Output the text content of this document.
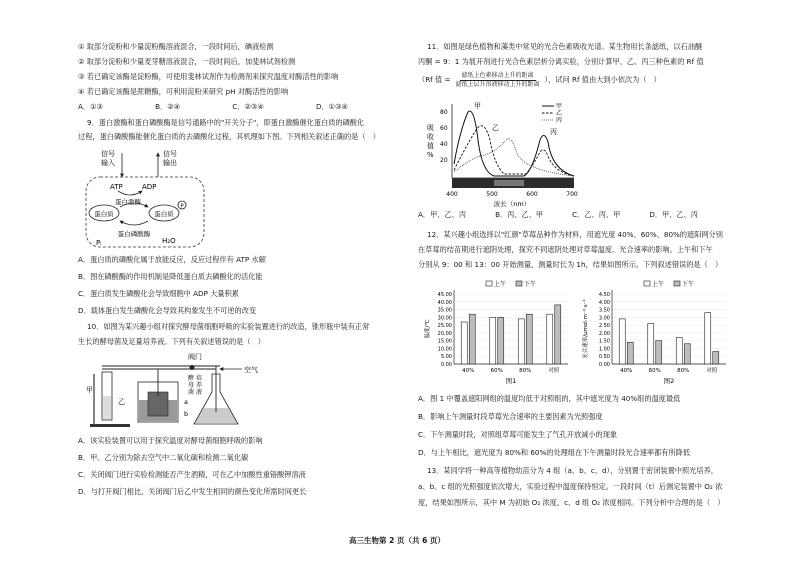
① 取部分淀粉和少量淀粉酶溶液混合，一段时间后，碘液检测
② 取部分淀粉和少量麦芽糖溶液混合，一段时间后，加斐林试剂检测
③ 若已确定该酶是淀粉酶，可使用斐林试剂作为检测剂来探究温度对酶活性的影响
④ 若已确定该酶是蔗糖酶，可利用淀粉来研究 pH 对酶活性的影响
A．①③	B．②④	C．②③④	D．①③④
9．蛋白激酶和蛋白磷酸酶是信号通路中的"开关分子"，即蛋白激酶催化蛋白质的磷酸化
过程，蛋白磷酸酶能催化蛋白质的去磷酸化过程，其机理如下图。下列相关叙述正确的是（　）
信号
输入
信号
输出
ATP	ADP
蛋白激酶
蛋白质	蛋白质
P
蛋白磷酸酶
H₂O
Pᵢ
A．蛋白质的磷酸化属于放能反应，反应过程伴有 ATP 水解
B．图在磷酸酶的作用机制是降低蛋白质去磷酸化的活化能
C．蛋白质发生磷酸化会导致细胞中 ADP 大量积累
D．载体蛋白发生磷酸化会导致其构象发生不可逆的改变
10．如图为某兴趣小组对探究酵母菌细胞呼吸的实验装置进行的改造，锥形瓶中装有正常
生长的酵母菌及足量培养液。下列有关叙述错误的是（　）
阀门
空气
甲
乙	a
b
酵
母
菌
培
养
液
A．该实验装置可以用于探究温度对酵母菌细胞呼吸的影响
B．甲、乙分别为除去空气中二氧化碳和检测二氧化碳
C．关闭阀门进行实验检测能否产生酒精，可在乙中加酸性重铬酸钾溶液
D．与打开阀门相比，关闭阀门后乙中发生相同的颜色变化所需时间更长
11．如图是绿色植物和藻类中常见的光合色素吸收光谱。某生物用长条滤纸，以石油醚
丙酮 = 9：1 为展开剂进行光合色素层析分离实验，分别计算甲、乙、丙三种色素的 Rf 值
（Rf 值 =	滤纸上色素移动上升的距离
滤纸上层升溶液移动上升的距离
），试问 Rf 值由大到小依次为（　）
吸
收
值
%
80
60
40
20
甲
乙	丙
甲
乙
丙
400	500	600	700
波长（nm）
A．甲、乙、丙	B．丙、乙、甲	C．乙、丙、甲	D．甲、乙、丙
12．某兴趣小组选择以"红颜"草莓品种作为材料，用遮光度 40%、60%、80%的遮阳网分别
在草莓的结苗期进行遮阴处理，探究不同遮阴处理对草莓温度、光合速率的影响。上午和下午
分别从 9：00 和 13：00 开始测量，测量时长为 1h，结果如图所示。下列叙述错误的是（　）
上午	下午
45.00
40.00
35.00
30.00
25.00
20.00
15.00
10.00
5.00
0.00
温度/℃
40%	60%	80%	对照
图1
上午	下午
4.50
4.00
3.50
3.00
2.50
2.00
1.50
1.00
0.50
0.00
光合速率/μmol·m⁻²·s⁻¹
40%	60%	80%	对照
图2
A．图 1 中覆盖遮阳网组的温度均低于对照组的，其中遮光度为 40%组的温度最低
B．影响上午测量时段草莓光合速率的主要因素为光照强度
C．下午测量时段，对照组草莓可能发生了气孔开放减小的现象
D．与上午相比，遮光度为 80%和 60%的处理组在下午测量时段光合速率都有所降低
13．某同学将一种高等植物幼苗分为 4 组（a、b、c、d），分别置于密闭装置中照光培养，
a、b、c 组的光照强度依次增大，实验过程中温度保持恒定。一段时间（t）后测定装置中 O₂ 浓
度，结果如图所示，其中 M 为初始 O₂ 浓度，c、d 组 O₂ 浓度相同。下列分析中合理的是（　）
高三生物第 2 页（共 6 页）
